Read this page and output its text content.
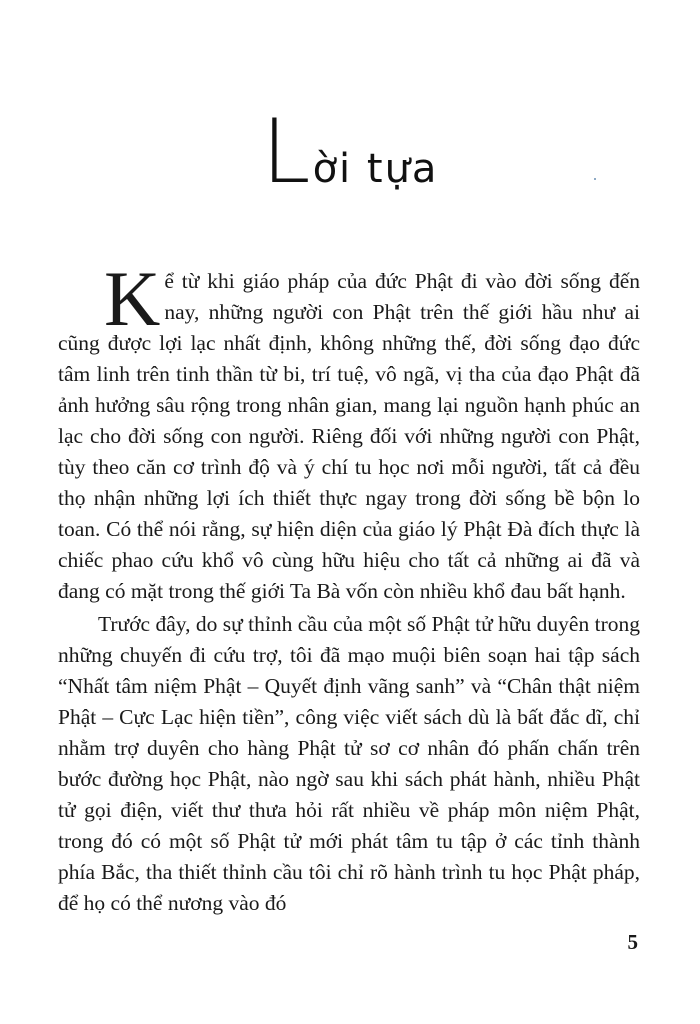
Lời tựa

Kể từ khi giáo pháp của đức Phật đi vào đời sống đến nay, những người con Phật trên thế giới hầu như ai cũng được lợi lạc nhất định, không những thế, đời sống đạo đức tâm linh trên tinh thần từ bi, trí tuệ, vô ngã, vị tha của đạo Phật đã ảnh hưởng sâu rộng trong nhân gian, mang lại nguồn hạnh phúc an lạc cho đời sống con người. Riêng đối với những người con Phật, tùy theo căn cơ trình độ và ý chí tu học nơi mỗi người, tất cả đều thọ nhận những lợi ích thiết thực ngay trong đời sống bề bộn lo toan. Có thể nói rằng, sự hiện diện của giáo lý Phật Đà đích thực là chiếc phao cứu khổ vô cùng hữu hiệu cho tất cả những ai đã và đang có mặt trong thế giới Ta Bà vốn còn nhiều khổ đau bất hạnh.

Trước đây, do sự thỉnh cầu của một số Phật tử hữu duyên trong những chuyến đi cứu trợ, tôi đã mạo muội biên soạn hai tập sách “Nhất tâm niệm Phật – Quyết định vãng sanh” và “Chân thật niệm Phật – Cực Lạc hiện tiền”, công việc viết sách dù là bất đắc dĩ, chỉ nhằm trợ duyên cho hàng Phật tử sơ cơ nhân đó phấn chấn trên bước đường học Phật, nào ngờ sau khi sách phát hành, nhiều Phật tử gọi điện, viết thư thưa hỏi rất nhiều về pháp môn niệm Phật, trong đó có một số Phật tử mới phát tâm tu tập ở các tỉnh thành phía Bắc, tha thiết thỉnh cầu tôi chỉ rõ hành trình tu học Phật pháp, để họ có thể nương vào đó

5
